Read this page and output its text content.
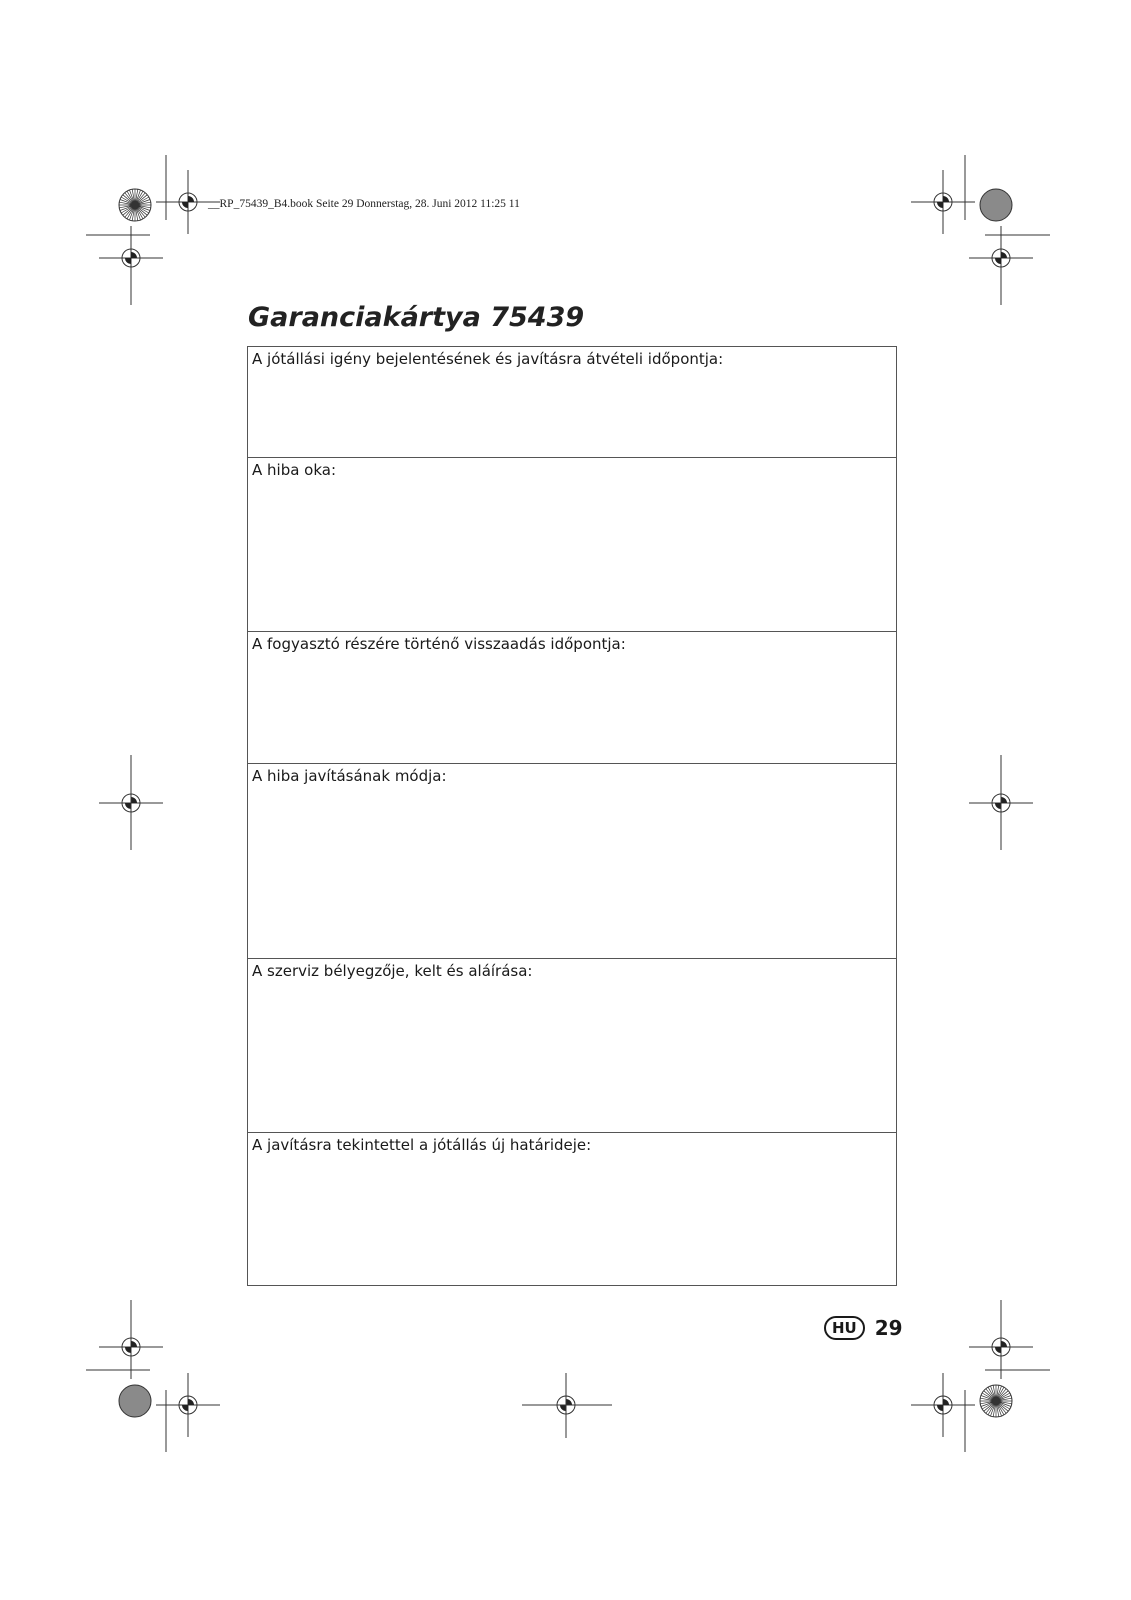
__RP_75439_B4.book Seite 29 Donnerstag, 28. Juni 2012 11:25 11
Garanciakártya 75439
A jótállási igény bejelentésének és javításra átvételi időpontja:
A hiba oka:
A fogyasztó részére történő visszaadás időpontja:
A hiba javításának módja:
A szerviz bélyegzője, kelt és aláírása:
A javításra tekintettel a jótállás új határideje:
HU 29
